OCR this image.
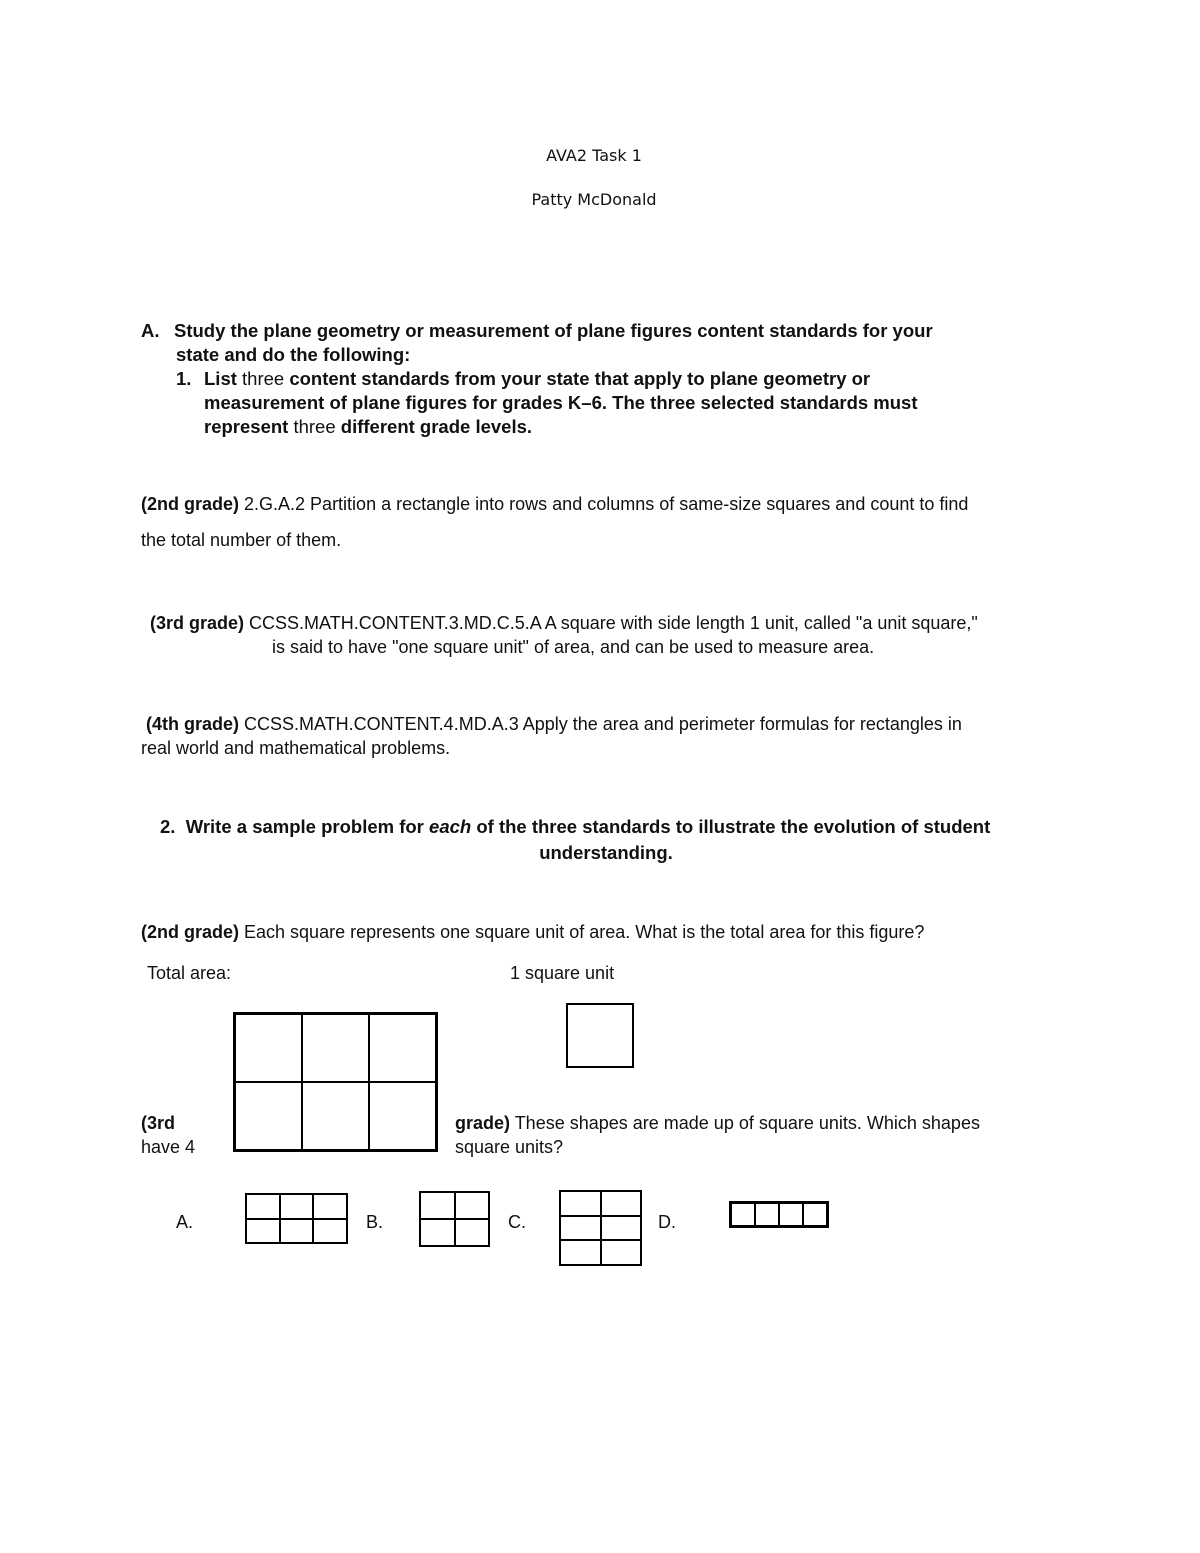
AVA2 Task 1
Patty McDonald
A. Study the plane geometry or measurement of plane figures content standards for your
state and do the following:
1. List three content standards from your state that apply to plane geometry or
measurement of plane figures for grades K–6. The three selected standards must
represent three different grade levels.
(2nd grade) 2.G.A.2 Partition a rectangle into rows and columns of same-size squares and count to find
the total number of them.
(3rd grade) CCSS.MATH.CONTENT.3.MD.C.5.A A square with side length 1 unit, called "a unit square,"
is said to have "one square unit" of area, and can be used to measure area.
(4th grade) CCSS.MATH.CONTENT.4.MD.A.3 Apply the area and perimeter formulas for rectangles in
real world and mathematical problems.
2. Write a sample problem for each of the three standards to illustrate the evolution of student
understanding.
(2nd grade) Each square represents one square unit of area. What is the total area for this figure?
Total area:	1 square unit
(3rd	grade) These shapes are made up of square units. Which shapes
have 4	square units?
A.	B.	C.	D.
